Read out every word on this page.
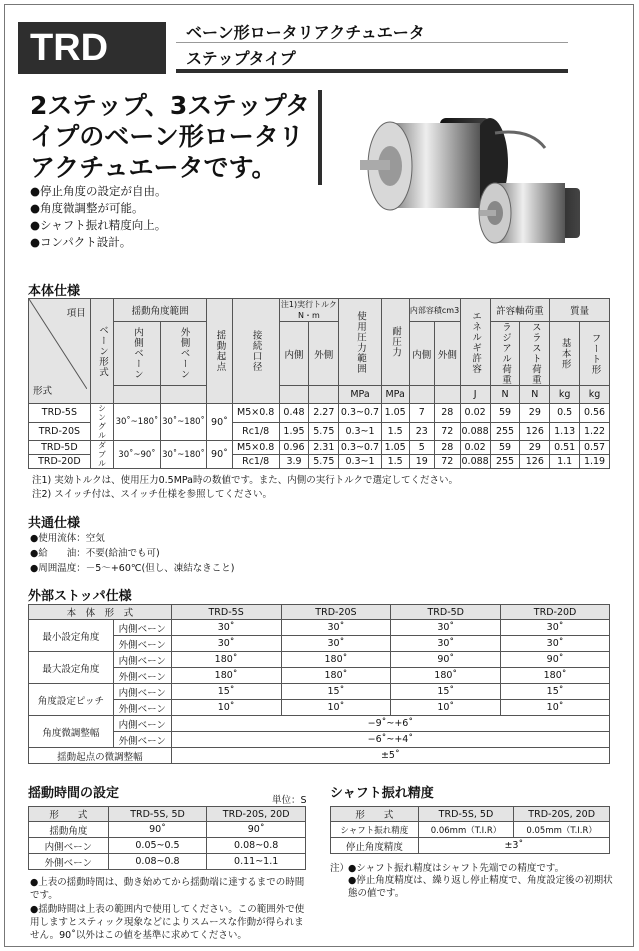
TRD	ベーン形ロータリアクチュエータ
ステップタイプ
2ステップ、3ステップタイプのベーン形ロータリアクチュエータです。
●停止角度の設定が自由。
●角度微調整が可能。
●シャフト振れ精度向上。
●コンパクト設計。
本体仕様
項目
形式	ベーン形式	揺動角度範囲		揺動起点	接続口径	注1)実行トルクN・m		使用圧力範囲	耐圧力	内部容積cm3		エネルギ許容	許容軸荷重		質量	
		内側ベーン	外側ベーン			内側	外側			内側	外側		ラジアル荷重	スラスト荷重	基本形	フート形
								MPa	MPa			J	N	N	kg	kg
TRD-5S	シングル	30˚~180˚	30˚~180˚	90˚	M5×0.8	0.48	2.27	0.3~0.7	1.05	7	28	0.02	59	29	0.5	0.56
TRD-20S					Rc1/8	1.95	5.75	0.3~1	1.5	23	72	0.088	255	126	1.13	1.22
TRD-5D	ダブル	30˚~90˚	30˚~180˚	90˚	M5×0.8	0.96	2.31	0.3~0.7	1.05	5	28	0.02	59	29	0.51	0.57
TRD-20D					Rc1/8	3.9	5.75	0.3~1	1.5	19	72	0.088	255	126	1.1	1.19
注1) 実効トルクは、使用圧力0.5MPa時の数値です。また、内側の実行トルクで選定してください。
注2) スイッチ付は、スイッチ仕様を参照してください。
共通仕様
●使用流体：空気
●給　　油：不要(給油でも可)
●周囲温度：－5～+60℃(但し、凍結なきこと)
外部ストッパ仕様
本　体　形　式		TRD-5S	TRD-20S	TRD-5D	TRD-20D
最小設定角度	内側ベーン	30˚	30˚	30˚	30˚
	外側ベーン	30˚	30˚	30˚	30˚
最大設定角度	内側ベーン	180˚	180˚	90˚	90˚
	外側ベーン	180˚	180˚	180˚	180˚
角度設定ピッチ	内側ベーン	15˚	15˚	15˚	15˚
	外側ベーン	10˚	10˚	10˚	10˚
角度微調整幅	内側ベーン	−9˚~+6˚			
	外側ベーン	−6˚~+4˚			
揺動起点の微調整幅		±5˚			
揺動時間の設定	単位：S
形　　式	TRD-5S, 5D	TRD-20S, 20D
揺動角度	90˚	90˚
内側ベーン	0.05~0.5	0.08~0.8
外側ベーン	0.08~0.8	0.11~1.1
●上表の揺動時間は、動き始めてから揺動端に達するまでの時間です。
●揺動時間は上表の範囲内で使用してください。この範囲外で使用しますとスティック現象などによりスムースな作動が得られません。90˚以外はこの値を基準に求めてください。
シャフト振れ精度
形　　式	TRD-5S, 5D	TRD-20S, 20D
シャフト振れ精度	0.06mm（T.I.R）	0.05mm（T.I.R）
停止角度精度	±3˚	
注）
●シャフト振れ精度はシャフト先端での精度です。
●停止角度精度は、繰り返し停止精度で、角度設定後の初期状態の値です。
